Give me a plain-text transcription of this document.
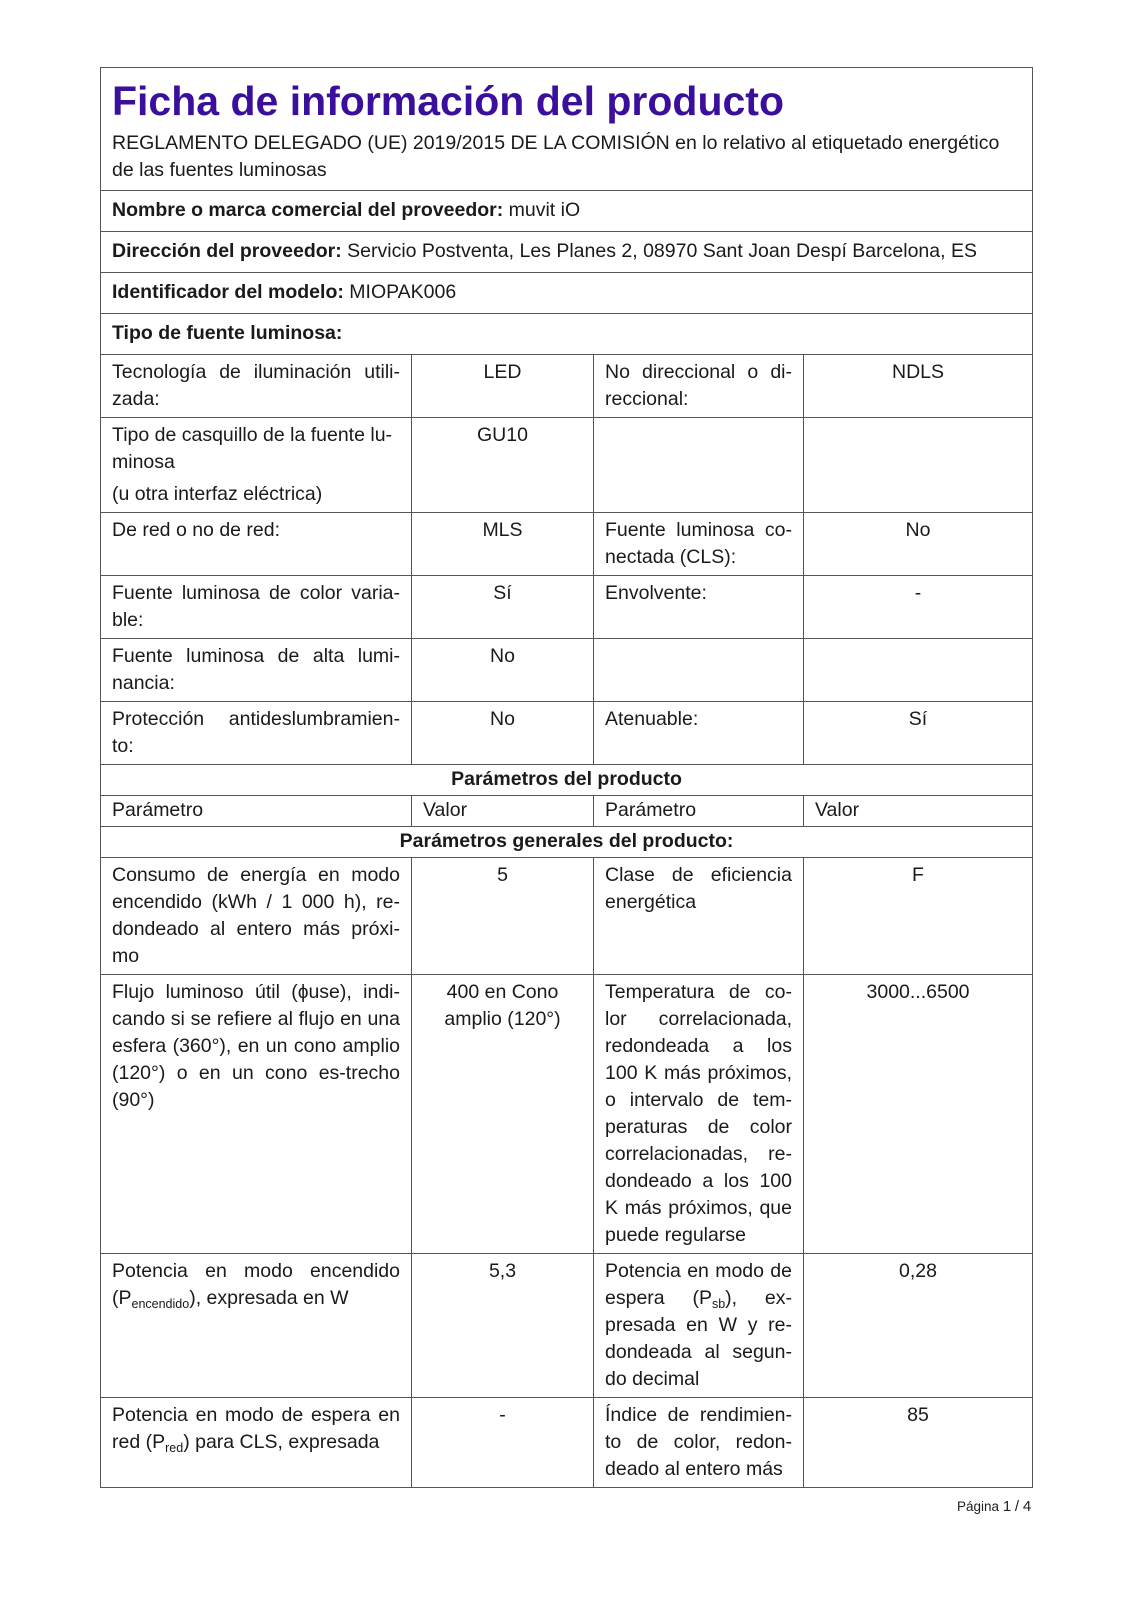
Ficha de información del producto
REGLAMENTO DELEGADO (UE) 2019/2015 DE LA COMISIÓN en lo relativo al etiquetado energético de las fuentes luminosas			

Nombre o marca comercial del proveedor: muvit iO			
Dirección del proveedor: Servicio Postventa, Les Planes 2, 08970 Sant Joan Despí Barcelona, ES			
Identificador del modelo: MIOPAK006			
Tipo de fuente luminosa:			
Tecnología de iluminación utili-zada:	LED	No direccional o di-reccional:	NDLS

Tipo de casquillo de la fuente lu-minosa
(u otra interfaz eléctrica)	GU10		
De red o no de red:	MLS	Fuente luminosa co-nectada (CLS):	No
Fuente luminosa de color varia-ble:	Sí	Envolvente:	-
Fuente luminosa de alta lumi-nancia:	No		
Protección antideslumbramien-to:	No	Atenuable:	Sí
Parámetros del producto			
Parámetro	Valor	Parámetro	Valor
Parámetros generales del producto:			
Consumo de energía en modo encendido (kWh / 1 000 h), re-dondeado al entero más próxi-mo	5	Clase de eficiencia energética	F
Flujo luminoso útil (ɸuse), indi-cando si se refiere al flujo en una esfera (360°), en un cono amplio (120°) o en un cono es-trecho (90°)	400 en Cono amplio (120°)	Temperatura de co-lor correlacionada, redondeada a los 100 K más próximos, o intervalo de tem-peraturas de color correlacionadas, re-dondeado a los 100 K más próximos, que puede regularse	3000...6500
Potencia en modo encendido $(P_{encendido})$, expresada en W	5,3	Potencia en modo de espera $(P_{sb})$, ex-presada en W y re-dondeada al segun-do decimal	0,28
Potencia en modo de espera en red $(P_{red})$ para CLS, expresada	-	Índice de rendimien-to de color, redon-deado al entero más	85
Página 1 / 4
